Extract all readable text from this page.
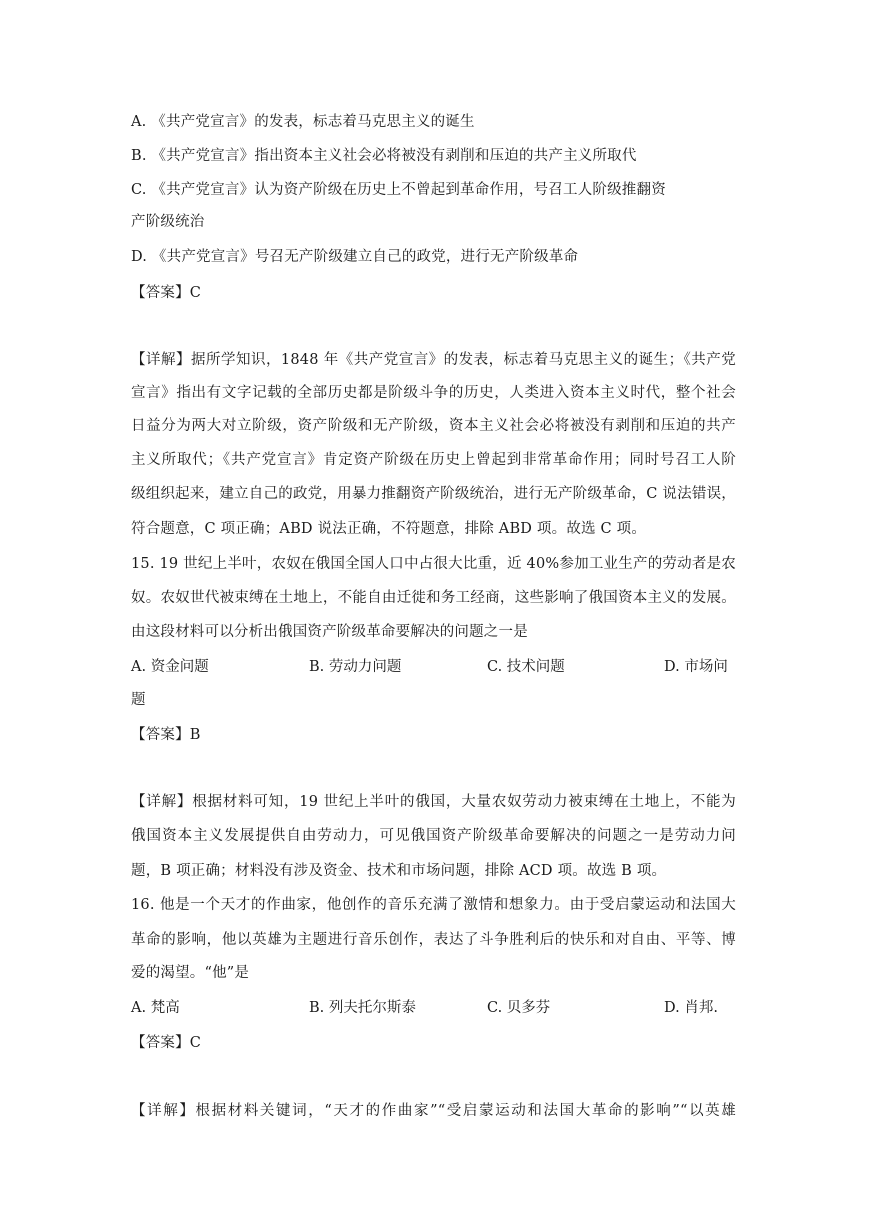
A. 《共产党宣言》的发表，标志着马克思主义的诞生
B. 《共产党宣言》指出资本主义社会必将被没有剥削和压迫的共产主义所取代
C. 《共产党宣言》认为资产阶级在历史上不曾起到革命作用，号召工人阶级推翻资
产阶级统治
D. 《共产党宣言》号召无产阶级建立自己的政党，进行无产阶级革命
【答案】C
【详解】据所学知识，1848 年《共产党宣言》的发表，标志着马克思主义的诞生；《共产党
宣言》指出有文字记载的全部历史都是阶级斗争的历史，人类进入资本主义时代，整个社会
日益分为两大对立阶级，资产阶级和无产阶级，资本主义社会必将被没有剥削和压迫的共产
主义所取代；《共产党宣言》肯定资产阶级在历史上曾起到非常革命作用；同时号召工人阶
级组织起来，建立自己的政党，用暴力推翻资产阶级统治，进行无产阶级革命，C 说法错误，
符合题意，C 项正确；ABD 说法正确，不符题意，排除 ABD 项。故选 C 项。
15. 19 世纪上半叶，农奴在俄国全国人口中占很大比重，近 40%参加工业生产的劳动者是农
奴。农奴世代被束缚在土地上，不能自由迁徙和务工经商，这些影响了俄国资本主义的发展。
由这段材料可以分析出俄国资产阶级革命要解决的问题之一是
A. 资金问题	B. 劳动力问题	C. 技术问题	D. 市场问
题
【答案】B
【详解】根据材料可知，19 世纪上半叶的俄国，大量农奴劳动力被束缚在土地上，不能为
俄国资本主义发展提供自由劳动力，可见俄国资产阶级革命要解决的问题之一是劳动力问
题，B 项正确；材料没有涉及资金、技术和市场问题，排除 ACD 项。故选 B 项。
16. 他是一个天才的作曲家，他创作的音乐充满了激情和想象力。由于受启蒙运动和法国大
革命的影响，他以英雄为主题进行音乐创作，表达了斗争胜利后的快乐和对自由、平等、博
爱的渴望。“他”是
A. 梵高	B. 列夫托尔斯泰	C. 贝多芬	D. 肖邦.
【答案】C
【详解】根据材料关键词，“天才的作曲家”“受启蒙运动和法国大革命的影响”“以英雄
